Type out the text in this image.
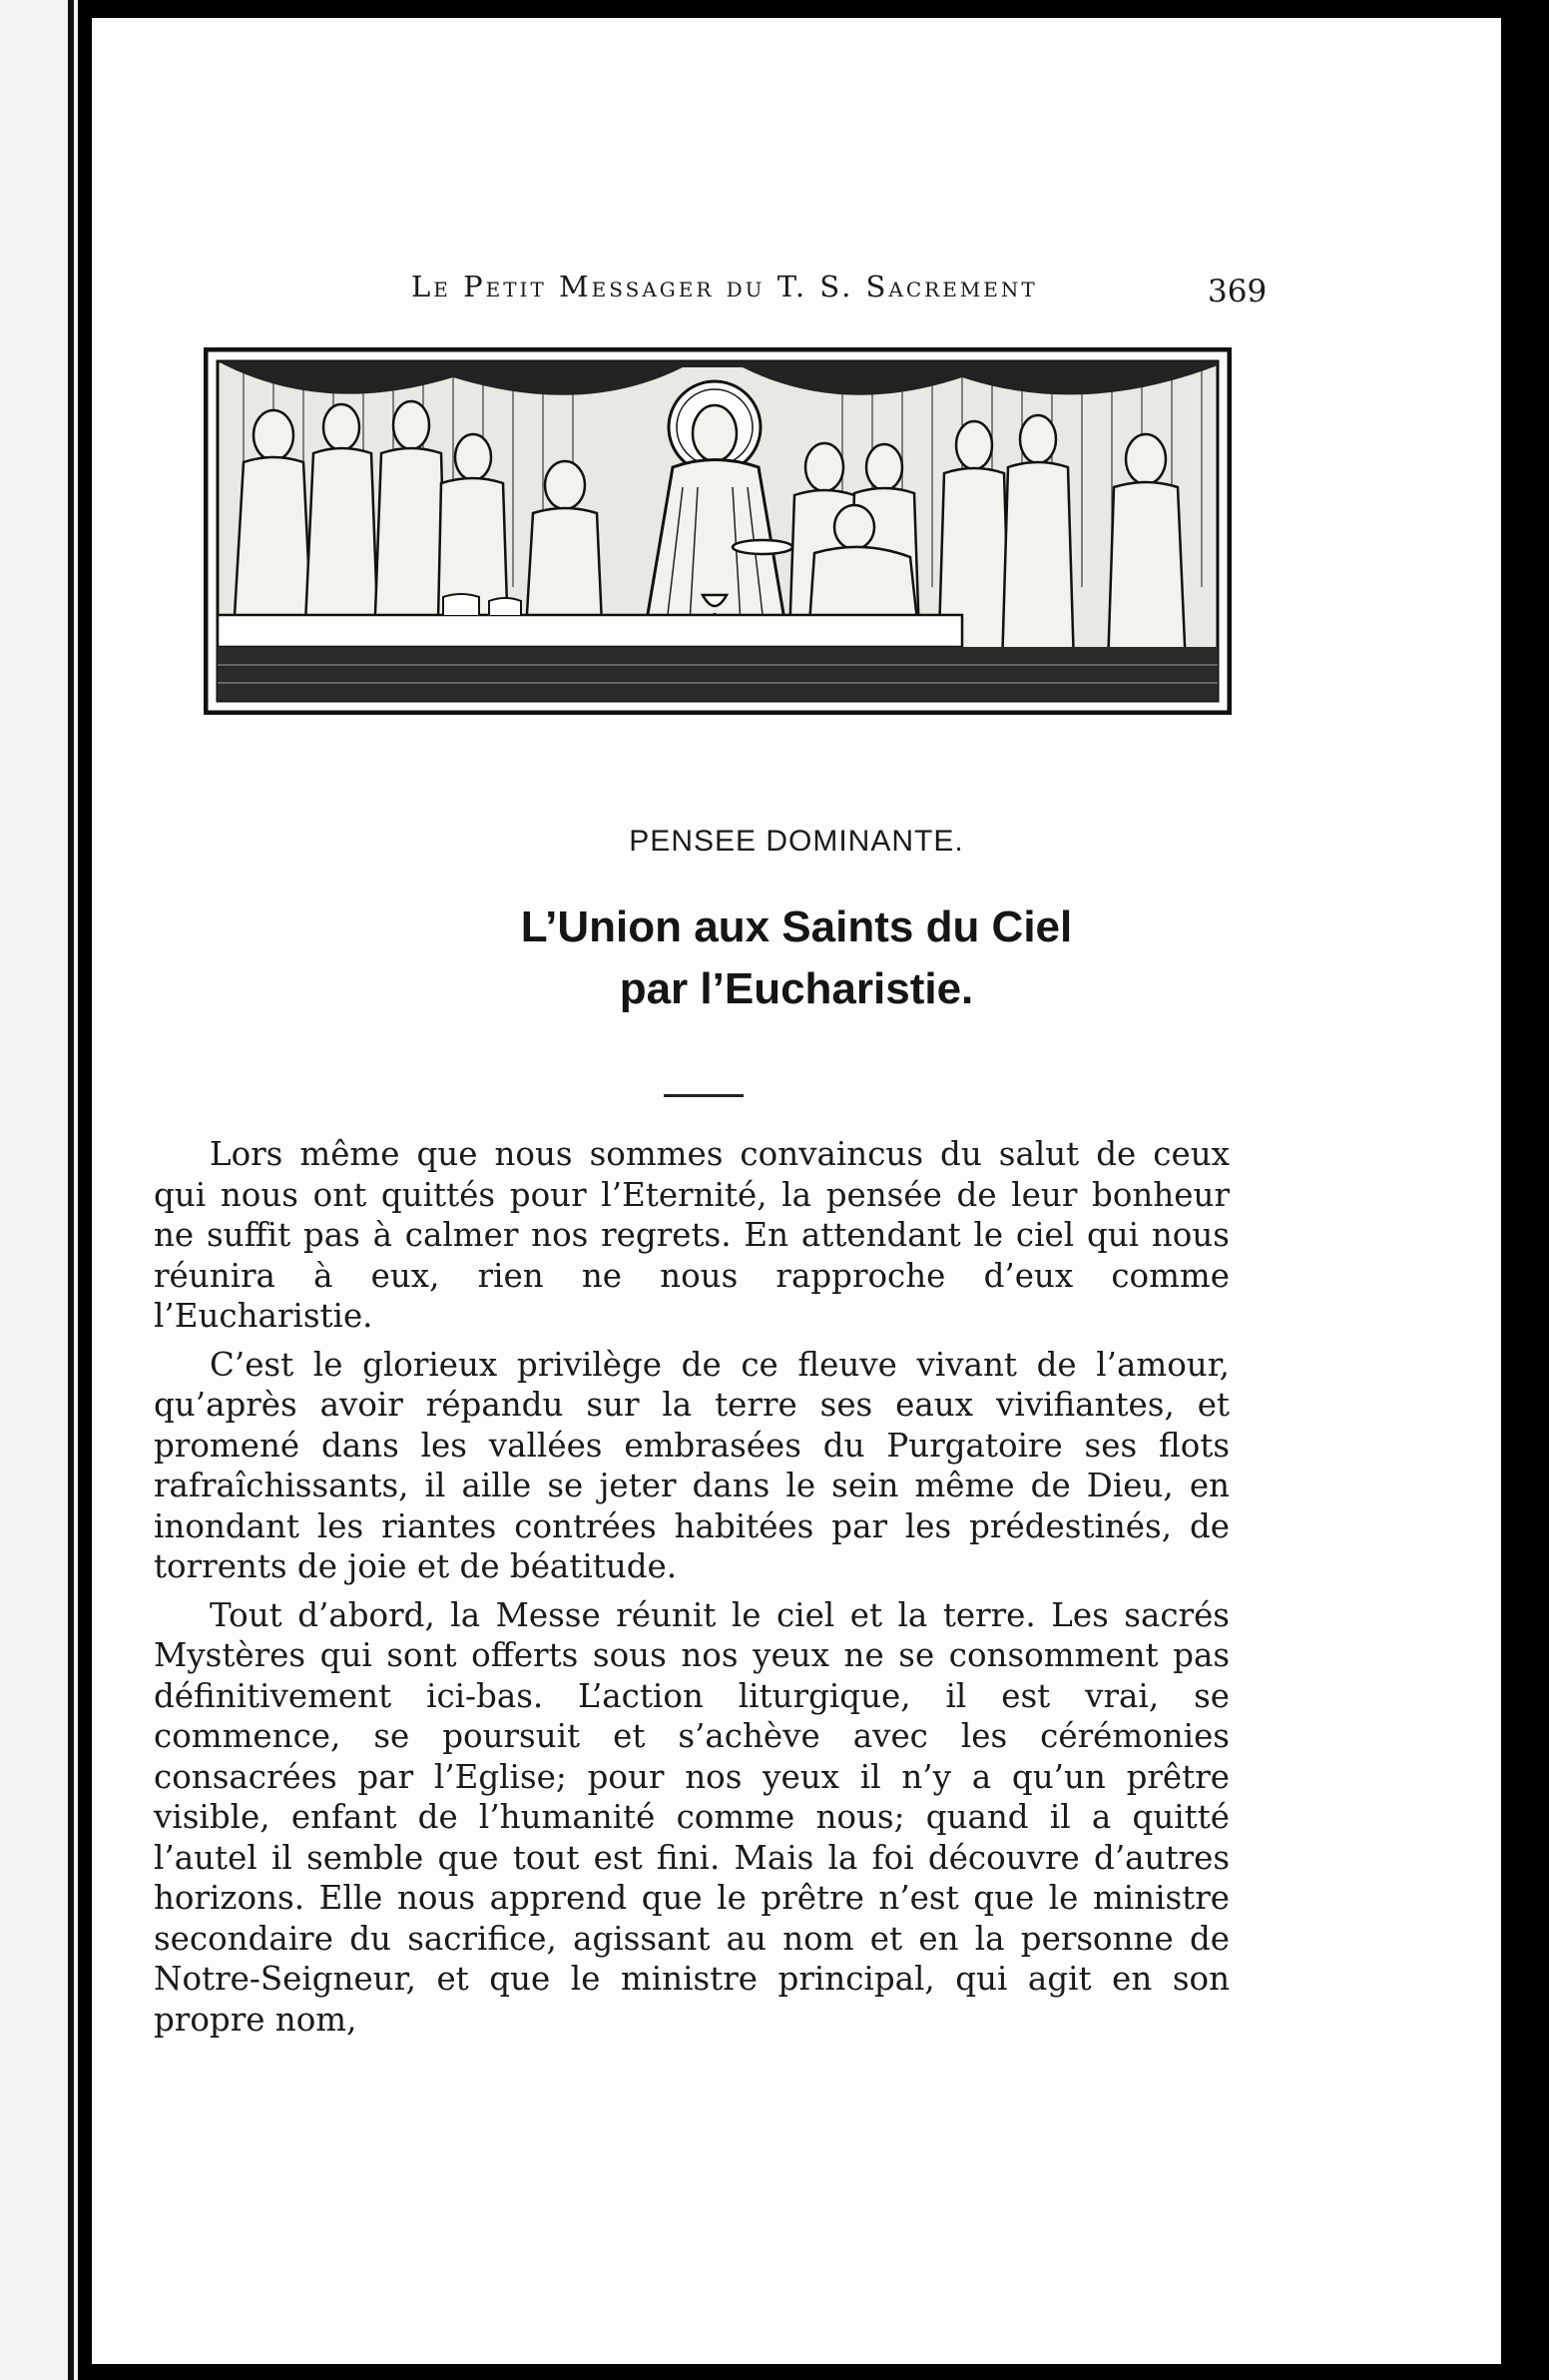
Le Petit Messager du T. S. Sacrement	369
PENSEE DOMINANTE.
L’Union aux Saints du Ciel
par l’Eucharistie.

Lors même que nous sommes convaincus du salut de ceux qui nous ont quittés pour l’Eternité, la pensée de leur bonheur ne suffit pas à calmer nos regrets. En attendant le ciel qui nous réunira à eux, rien ne nous rapproche d’eux comme l’Eucharistie.

C’est le glorieux privilège de ce fleuve vivant de l’amour, qu’après avoir répandu sur la terre ses eaux vivifiantes, et promené dans les vallées embrasées du Purgatoire ses flots rafraîchissants, il aille se jeter dans le sein même de Dieu, en inondant les riantes contrées habitées par les prédestinés, de torrents de joie et de béatitude.

Tout d’abord, la Messe réunit le ciel et la terre. Les sacrés Mystères qui sont offerts sous nos yeux ne se consomment pas définitivement ici-bas. L’action liturgique, il est vrai, se commence, se poursuit et s’achève avec les cérémonies consacrées par l’Eglise; pour nos yeux il n’y a qu’un prêtre visible, enfant de l’humanité comme nous; quand il a quitté l’autel il semble que tout est fini. Mais la foi découvre d’autres horizons. Elle nous apprend que le prêtre n’est que le ministre secondaire du sacrifice, agissant au nom et en la personne de Notre-Seigneur, et que le ministre principal, qui agit en son propre nom,
